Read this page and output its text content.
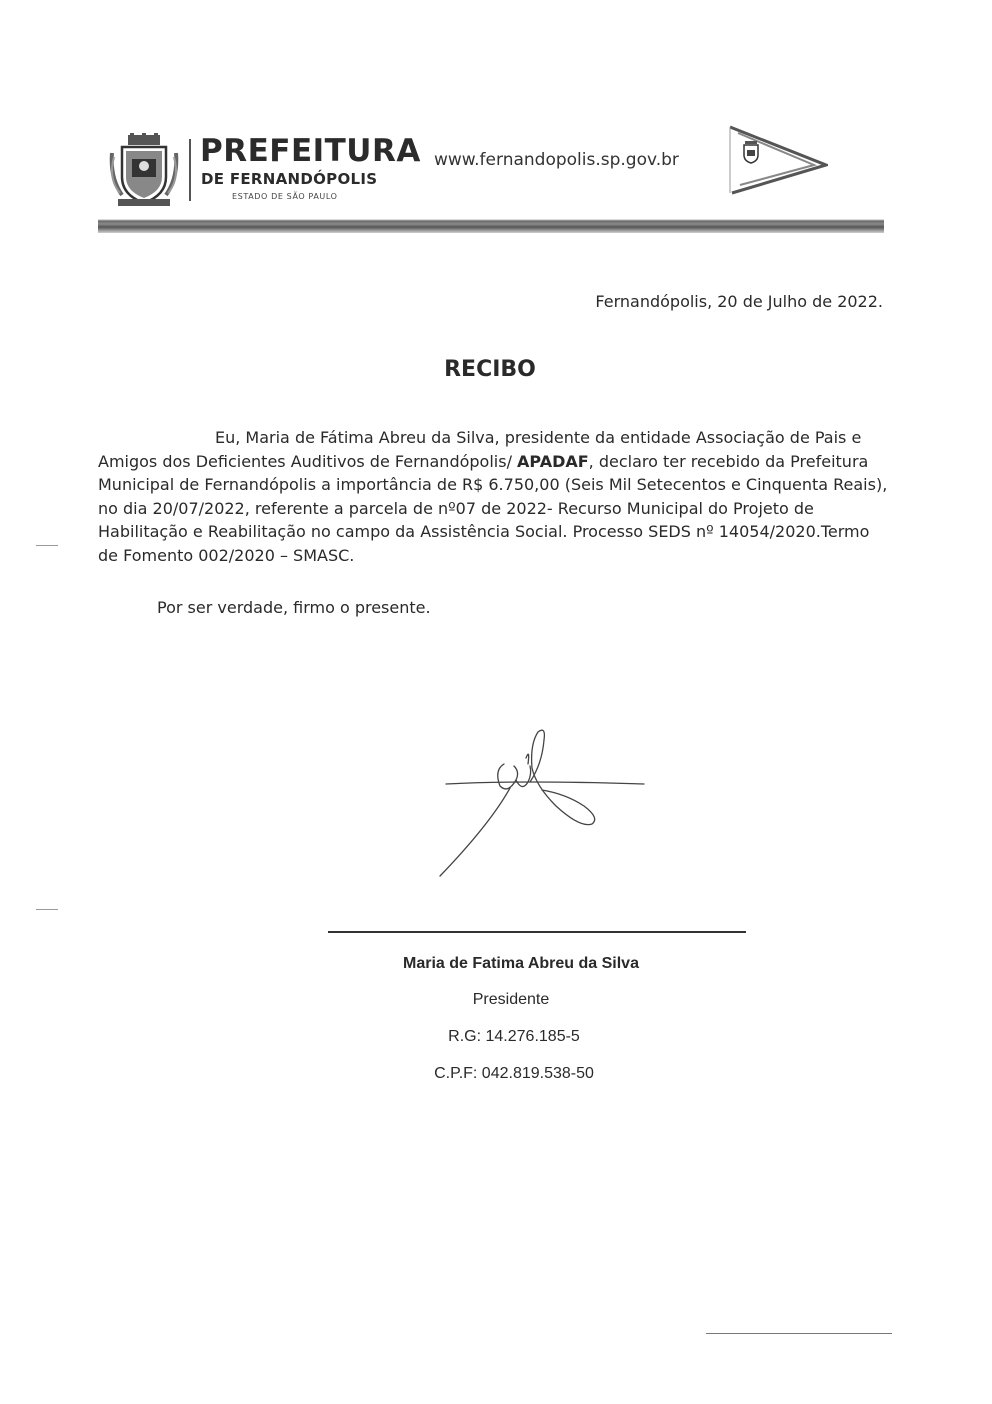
PREFEITURA
DE FERNANDÓPOLIS
ESTADO DE SÃO PAULO
www.fernandopolis.sp.gov.br
Fernandópolis, 20 de Julho de 2022.
RECIBO
Eu, Maria de Fátima Abreu da Silva, presidente da entidade Associação de Pais e Amigos dos Deficientes Auditivos de Fernandópolis/ APADAF, declaro ter recebido da Prefeitura Municipal de Fernandópolis a importância de R$ 6.750,00 (Seis Mil Setecentos e Cinquenta Reais), no dia 20/07/2022, referente a parcela de nº07 de 2022- Recurso Municipal do Projeto de Habilitação e Reabilitação no campo da Assistência Social. Processo SEDS nº 14054/2020.Termo de Fomento 002/2020 – SMASC.
Por ser verdade, firmo o presente.
Maria de Fatima Abreu da Silva
Presidente
R.G: 14.276.185-5
C.P.F: 042.819.538-50
